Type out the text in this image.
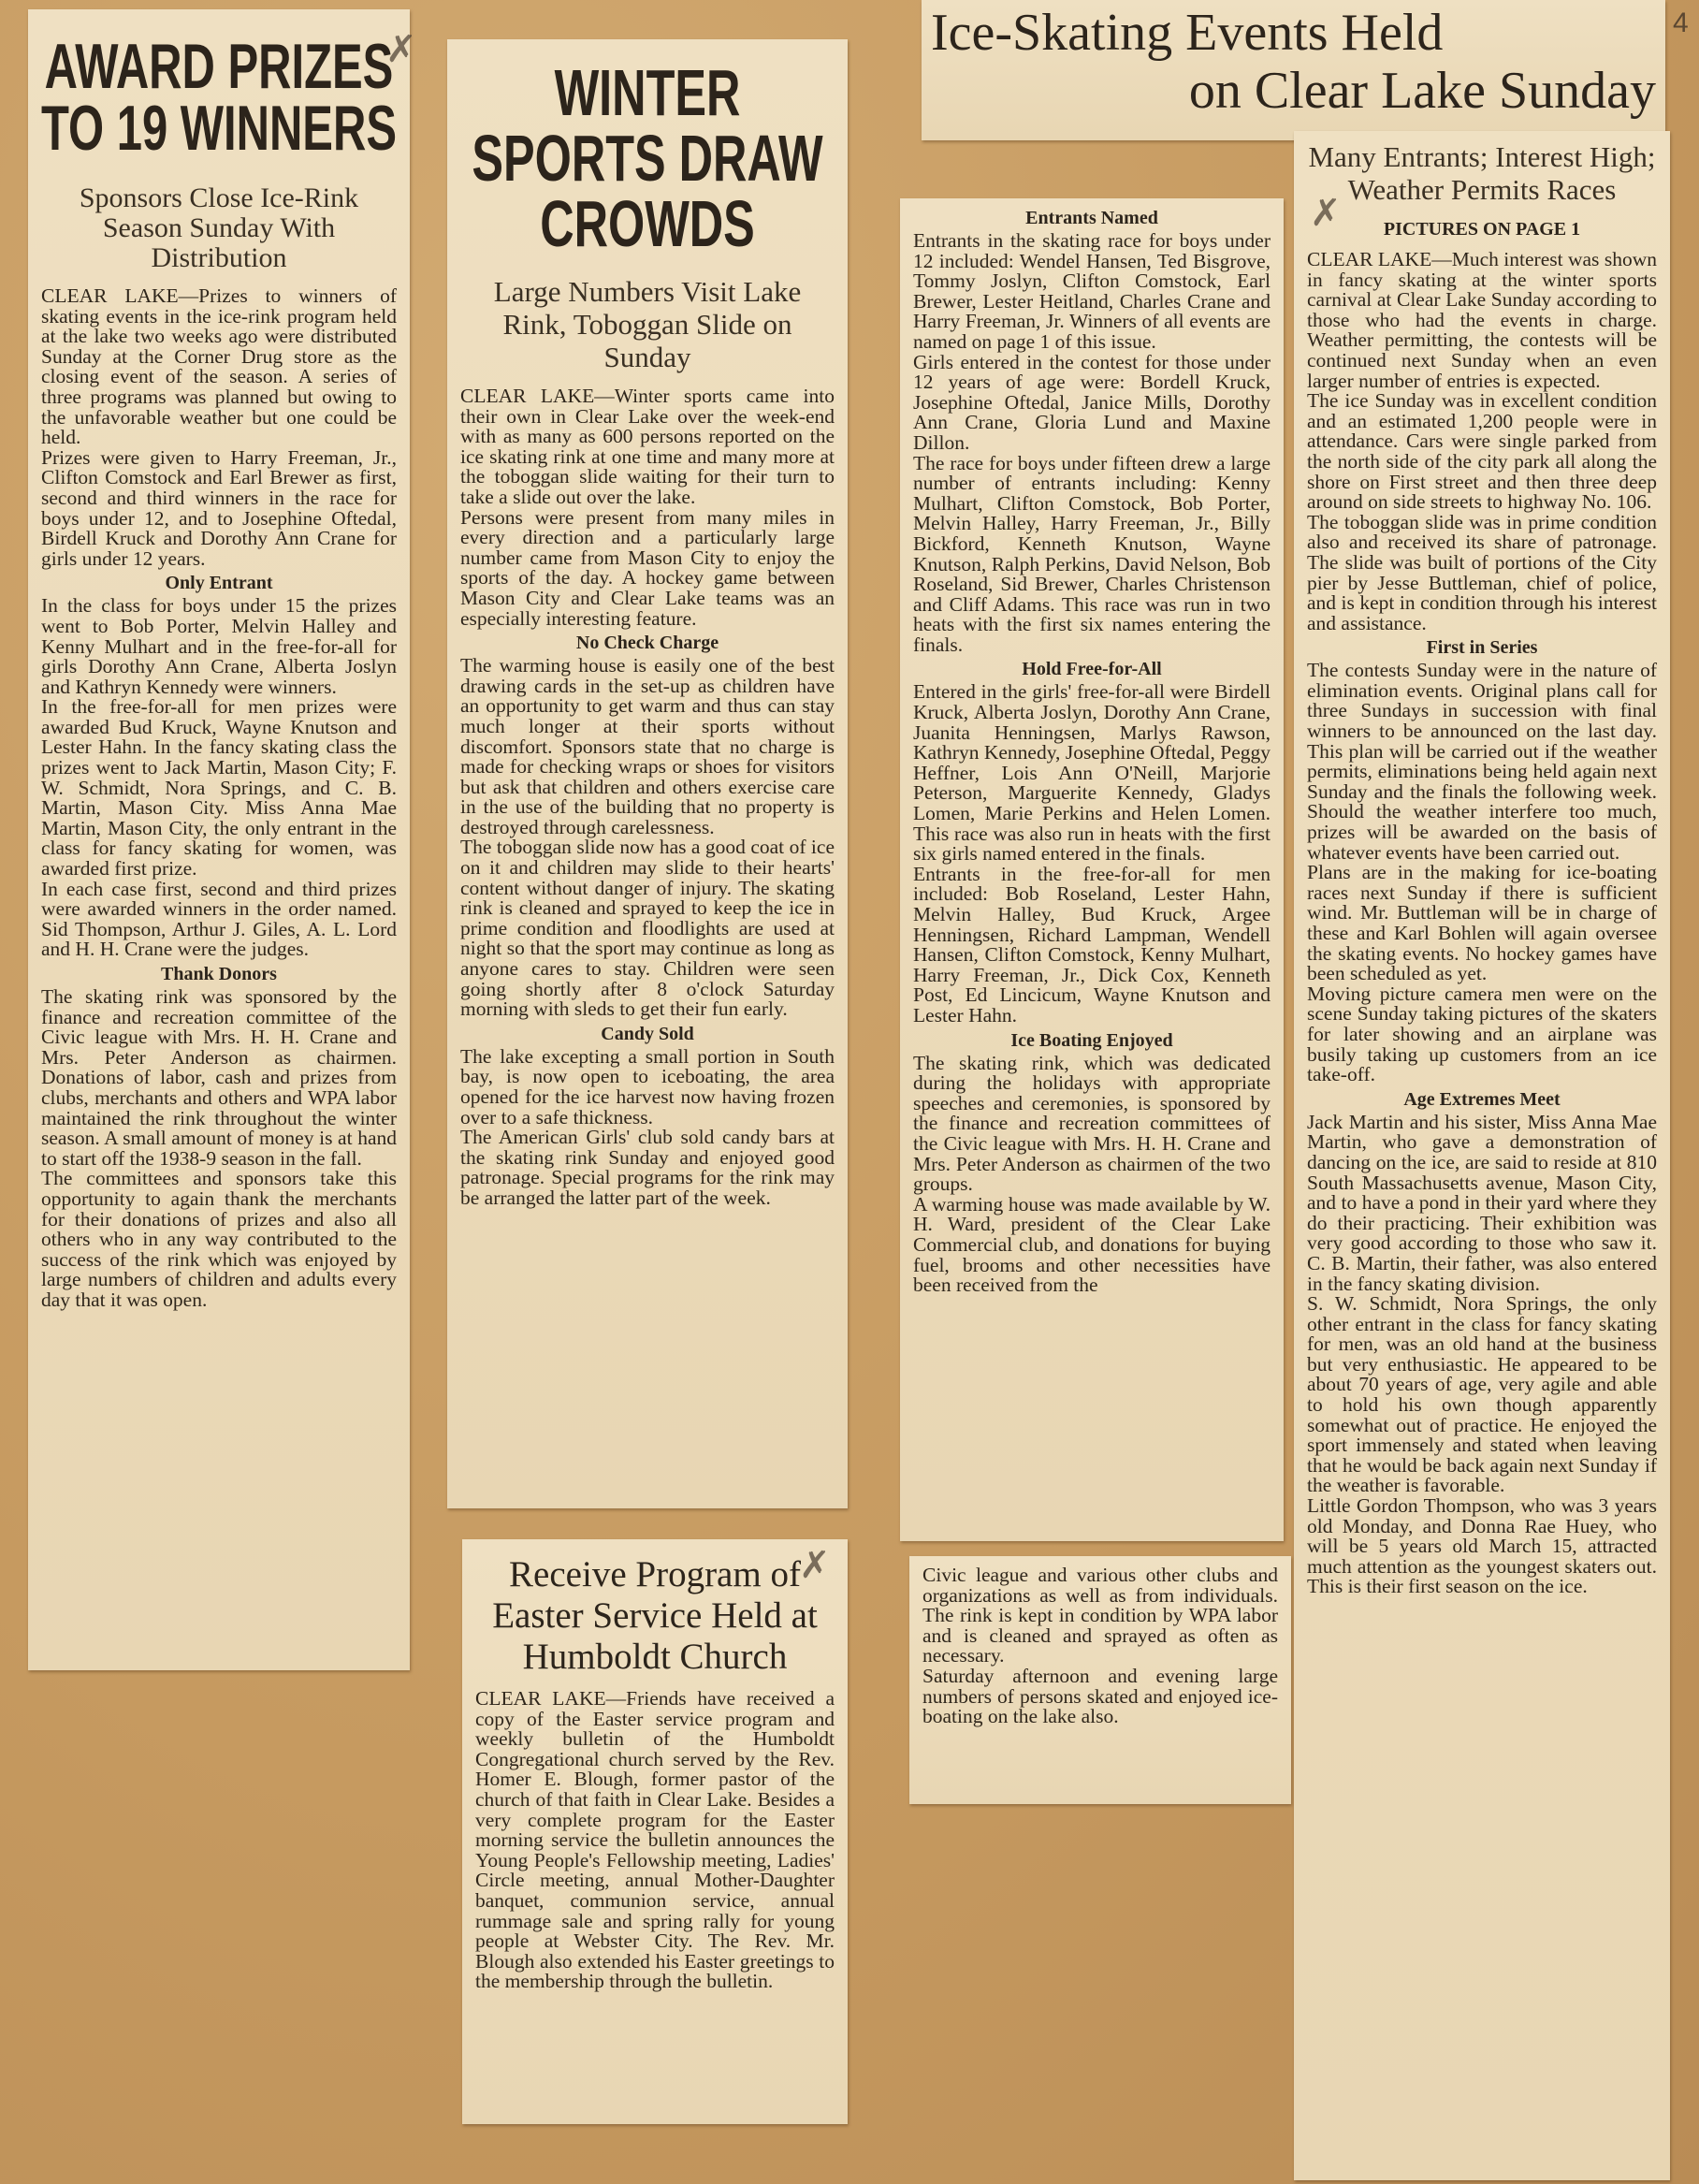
4
AWARD PRIZES TO 19 WINNERS
Sponsors Close Ice-Rink Season Sunday With Distribution

CLEAR LAKE—Prizes to winners of skating events in the ice-rink program held at the lake two weeks ago were distributed Sunday at the Corner Drug store as the closing event of the season. A series of three programs was planned but owing to the unfavorable weather but one could be held.
Prizes were given to Harry Freeman, Jr., Clifton Comstock and Earl Brewer as first, second and third winners in the race for boys under 12, and to Josephine Oftedal, Birdell Kruck and Dorothy Ann Crane for girls under 12 years.

Only Entrant

In the class for boys under 15 the prizes went to Bob Porter, Melvin Halley and Kenny Mulhart and in the free-for-all for girls Dorothy Ann Crane, Alberta Joslyn and Kathryn Kennedy were winners.
In the free-for-all for men prizes were awarded Bud Kruck, Wayne Knutson and Lester Hahn. In the fancy skating class the prizes went to Jack Martin, Mason City; F. W. Schmidt, Nora Springs, and C. B. Martin, Mason City. Miss Anna Mae Martin, Mason City, the only entrant in the class for fancy skating for women, was awarded first prize.
In each case first, second and third prizes were awarded winners in the order named. Sid Thompson, Arthur J. Giles, A. L. Lord and H. H. Crane were the judges.

Thank Donors

The skating rink was sponsored by the finance and recreation committee of the Civic league with Mrs. H. H. Crane and Mrs. Peter Anderson as chairmen. Donations of labor, cash and prizes from clubs, merchants and others and WPA labor maintained the rink throughout the winter season. A small amount of money is at hand to start off the 1938-9 season in the fall.
The committees and sponsors take this opportunity to again thank the merchants for their donations of prizes and also all others who in any way contributed to the success of the rink which was enjoyed by large numbers of children and adults every day that it was open.

WINTER SPORTS DRAW CROWDS
Large Numbers Visit Lake Rink, Toboggan Slide on Sunday

CLEAR LAKE—Winter sports came into their own in Clear Lake over the week-end with as many as 600 persons reported on the ice skating rink at one time and many more at the toboggan slide waiting for their turn to take a slide out over the lake.
Persons were present from many miles in every direction and a particularly large number came from Mason City to enjoy the sports of the day. A hockey game between Mason City and Clear Lake teams was an especially interesting feature.

No Check Charge

The warming house is easily one of the best drawing cards in the set-up as children have an opportunity to get warm and thus can stay much longer at their sports without discomfort. Sponsors state that no charge is made for checking wraps or shoes for visitors but ask that children and others exercise care in the use of the building that no property is destroyed through carelessness.
The toboggan slide now has a good coat of ice on it and children may slide to their hearts' content without danger of injury. The skating rink is cleaned and sprayed to keep the ice in prime condition and floodlights are used at night so that the sport may continue as long as anyone cares to stay. Children were seen going shortly after 8 o'clock Saturday morning with sleds to get their fun early.

Candy Sold

The lake excepting a small portion in South bay, is now open to iceboating, the area opened for the ice harvest now having frozen over to a safe thickness.
The American Girls' club sold candy bars at the skating rink Sunday and enjoyed good patronage. Special programs for the rink may be arranged the latter part of the week.

Receive Program of Easter Service Held at Humboldt Church

CLEAR LAKE—Friends have received a copy of the Easter service program and weekly bulletin of the Humboldt Congregational church served by the Rev. Homer E. Blough, former pastor of the church of that faith in Clear Lake. Besides a very complete program for the Easter morning service the bulletin announces the Young People's Fellowship meeting, Ladies' Circle meeting, annual Mother-Daughter banquet, communion service, annual rummage sale and spring rally for young people at Webster City. The Rev. Mr. Blough also extended his Easter greetings to the membership through the bulletin.

Ice-Skating Events Held
on Clear Lake Sunday
Entrants Named

Entrants in the skating race for boys under 12 included: Wendel Hansen, Ted Bisgrove, Tommy Joslyn, Clifton Comstock, Earl Brewer, Lester Heitland, Charles Crane and Harry Freeman, Jr. Winners of all events are named on page 1 of this issue.
Girls entered in the contest for those under 12 years of age were: Bordell Kruck, Josephine Oftedal, Janice Mills, Dorothy Ann Crane, Gloria Lund and Maxine Dillon.
The race for boys under fifteen drew a large number of entrants including: Kenny Mulhart, Clifton Comstock, Bob Porter, Melvin Halley, Harry Freeman, Jr., Billy Bickford, Kenneth Knutson, Wayne Knutson, Ralph Perkins, David Nelson, Bob Roseland, Sid Brewer, Charles Christenson and Cliff Adams. This race was run in two heats with the first six names entering the finals.

Hold Free-for-All

Entered in the girls' free-for-all were Birdell Kruck, Alberta Joslyn, Dorothy Ann Crane, Juanita Henningsen, Marlys Rawson, Kathryn Kennedy, Josephine Oftedal, Peggy Heffner, Lois Ann O'Neill, Marjorie Peterson, Marguerite Kennedy, Gladys Lomen, Marie Perkins and Helen Lomen. This race was also run in heats with the first six girls named entered in the finals.
Entrants in the free-for-all for men included: Bob Roseland, Lester Hahn, Melvin Halley, Bud Kruck, Argee Henningsen, Richard Lampman, Wendell Hansen, Clifton Comstock, Kenny Mulhart, Harry Freeman, Jr., Dick Cox, Kenneth Post, Ed Lincicum, Wayne Knutson and Lester Hahn.

Ice Boating Enjoyed

The skating rink, which was dedicated during the holidays with appropriate speeches and ceremonies, is sponsored by the finance and recreation committees of the Civic league with Mrs. H. H. Crane and Mrs. Peter Anderson as chairmen of the two groups.
A warming house was made available by W. H. Ward, president of the Clear Lake Commercial club, and donations for buying fuel, brooms and other necessities have been received from the

Civic league and various other clubs and organizations as well as from individuals. The rink is kept in condition by WPA labor and is cleaned and sprayed as often as necessary.
Saturday afternoon and evening large numbers of persons skated and enjoyed ice-boating on the lake also.

Many Entrants; Interest High; Weather Permits Races
PICTURES ON PAGE 1

CLEAR LAKE—Much interest was shown in fancy skating at the winter sports carnival at Clear Lake Sunday according to those who had the events in charge. Weather permitting, the contests will be continued next Sunday when an even larger number of entries is expected.
The ice Sunday was in excellent condition and an estimated 1,200 people were in attendance. Cars were single parked from the north side of the city park all along the shore on First street and then three deep around on side streets to highway No. 106.
The toboggan slide was in prime condition also and received its share of patronage. The slide was built of portions of the City pier by Jesse Buttleman, chief of police, and is kept in condition through his interest and assistance.

First in Series

The contests Sunday were in the nature of elimination events. Original plans call for three Sundays in succession with final winners to be announced on the last day. This plan will be carried out if the weather permits, eliminations being held again next Sunday and the finals the following week. Should the weather interfere too much, prizes will be awarded on the basis of whatever events have been carried out.
Plans are in the making for ice-boating races next Sunday if there is sufficient wind. Mr. Buttleman will be in charge of these and Karl Bohlen will again oversee the skating events. No hockey games have been scheduled as yet.
Moving picture camera men were on the scene Sunday taking pictures of the skaters for later showing and an airplane was busily taking up customers from an ice take-off.

Age Extremes Meet

Jack Martin and his sister, Miss Anna Mae Martin, who gave a demonstration of dancing on the ice, are said to reside at 810 South Massachusetts avenue, Mason City, and to have a pond in their yard where they do their practicing. Their exhibition was very good according to those who saw it. C. B. Martin, their father, was also entered in the fancy skating division.
S. W. Schmidt, Nora Springs, the only other entrant in the class for fancy skating for men, was an old hand at the business but very enthusiastic. He appeared to be about 70 years of age, very agile and able to hold his own though apparently somewhat out of practice. He enjoyed the sport immensely and stated when leaving that he would be back again next Sunday if the weather is favorable.
Little Gordon Thompson, who was 3 years old Monday, and Donna Rae Huey, who will be 5 years old March 15, attracted much attention as the youngest skaters out. This is their first season on the ice.

✗
✗
✗
